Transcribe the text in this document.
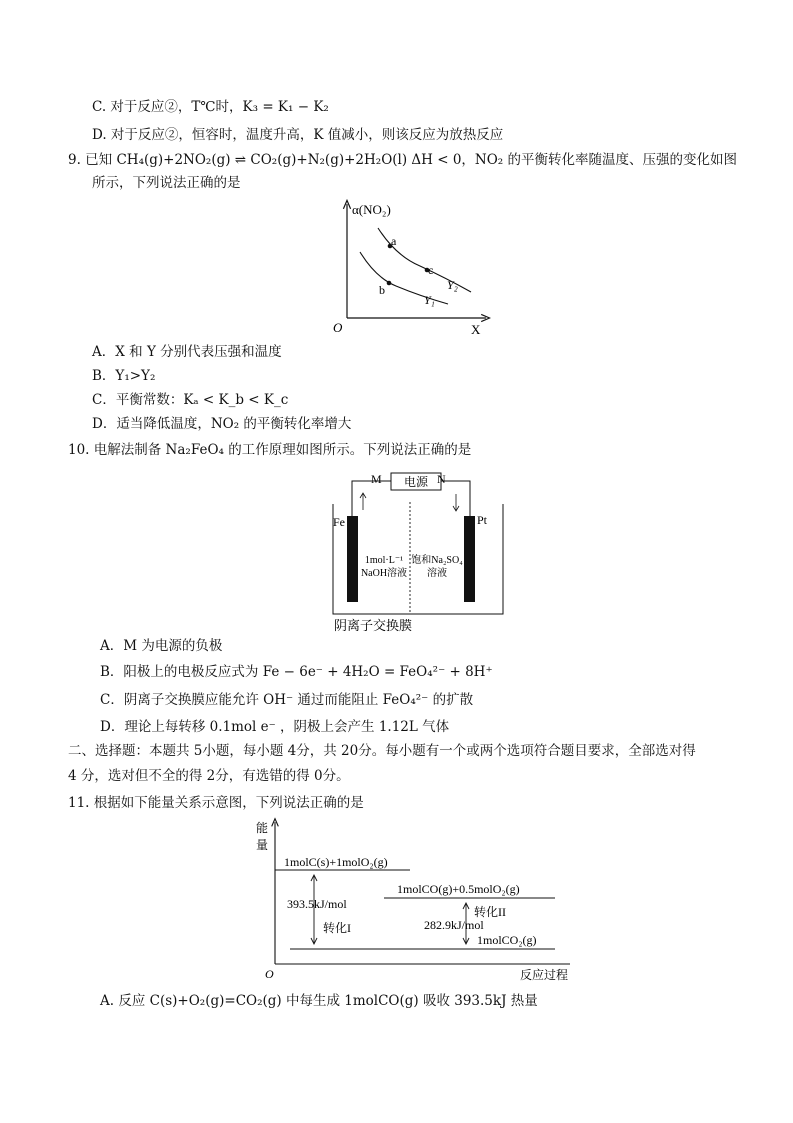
C. 对于反应②，T℃时，K₃ = K₁ − K₂
D. 对于反应②，恒容时，温度升高，K 值减小，则该反应为放热反应
9. 已知 CH₄(g)+2NO₂(g) ⇌ CO₂(g)+N₂(g)+2H₂O(l) ΔH < 0，NO₂ 的平衡转化率随温度、压强的变化如图
所示，下列说法正确的是
α(NO₂)
X
O
a
c
b	Y₂
Y₁
A．X 和 Y 分别代表压强和温度
B．Y₁>Y₂
C．平衡常数：Kₐ < K_b < K_c
D．适当降低温度，NO₂ 的平衡转化率增大
10. 电解法制备 Na₂FeO₄ 的工作原理如图所示。下列说法正确的是
电源
M	N
Fe	Pt
1mol·L⁻¹
NaOH溶液
饱和Na₂SO₄
溶液
阴离子交换膜
A．M 为电源的负极
B．阳极上的电极反应式为 Fe − 6e⁻ + 4H₂O = FeO₄²⁻ + 8H⁺
C．阴离子交换膜应能允许 OH⁻ 通过而能阻止 FeO₄²⁻ 的扩散
D．理论上每转移 0.1mol e⁻ ，阴极上会产生 1.12L 气体
二、选择题：本题共 5小题，每小题 4分，共 20分。每小题有一个或两个选项符合题目要求，全部选对得
4 分，选对但不全的得 2分，有选错的得 0分。
11. 根据如下能量关系示意图，下列说法正确的是
能
量
O	反应过程
1molC(s)+1molO₂(g)
1molCO(g)+0.5molO₂(g)
1molCO₂(g)
393.5kJ/mol
转化I
转化II
282.9kJ/mol
A. 反应 C(s)+O₂(g)=CO₂(g) 中每生成 1molCO(g) 吸收 393.5kJ 热量
